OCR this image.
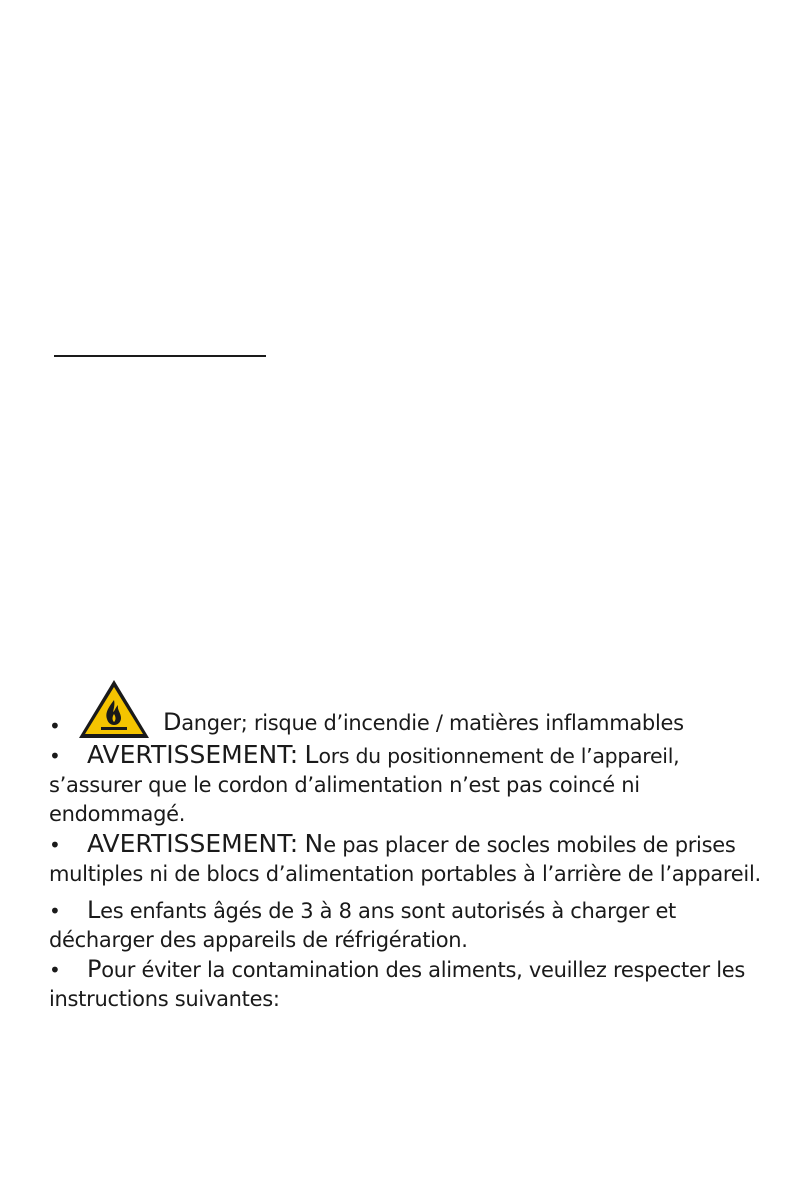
•	Danger; risque d’incendie / matières inflammables

• AVERTISSEMENT: Lors du positionnement de l’appareil, s’assurer que le cordon d’alimentation n’est pas coincé ni endommagé.

• AVERTISSEMENT: Ne pas placer de socles mobiles de prises multiples ni de blocs d’alimentation portables à l’arrière de l’appareil.

• Les enfants âgés de 3 à 8 ans sont autorisés à charger et décharger des appareils de réfrigération.

• Pour éviter la contamination des aliments, veuillez respecter les instructions suivantes:
